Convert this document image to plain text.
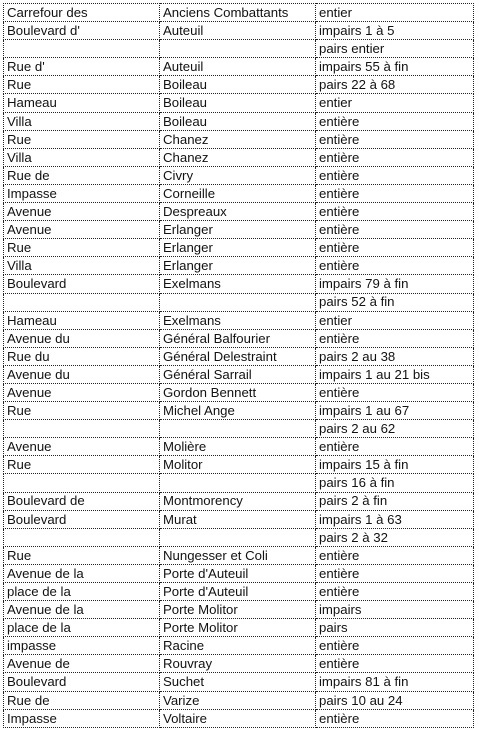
Carrefour des	Anciens Combattants	entier
Boulevard d'	Auteuil	impairs 1 à 5
		pairs entier
Rue d'	Auteuil	impairs 55 à fin
Rue	Boileau	pairs 22 à 68
Hameau	Boileau	entier
Villa	Boileau	entière
Rue	Chanez	entière
Villa	Chanez	entière
Rue de	Civry	entière
Impasse	Corneille	entière
Avenue	Despreaux	entière
Avenue	Erlanger	entière
Rue	Erlanger	entière
Villa	Erlanger	entière
Boulevard	Exelmans	impairs 79 à fin
		pairs 52 à fin
Hameau	Exelmans	entier
Avenue du	Général Balfourier	entière
Rue du	Général Delestraint	pairs 2 au 38
Avenue du	Général Sarrail	impairs 1 au 21 bis
Avenue	Gordon Bennett	entière
Rue	Michel Ange	impairs 1 au 67
		pairs 2 au 62
Avenue	Molière	entière
Rue	Molitor	impairs 15 à fin
		pairs 16 à fin
Boulevard de	Montmorency	pairs 2 à fin
Boulevard	Murat	impairs 1 à 63
		pairs 2 à 32
Rue	Nungesser et Coli	entière
Avenue de la	Porte d'Auteuil	entière
place de la	Porte d'Auteuil	entière
Avenue de la	Porte Molitor	impairs
place de la	Porte Molitor	pairs
impasse	Racine	entière
Avenue de	Rouvray	entière
Boulevard	Suchet	impairs 81 à fin
Rue de	Varize	pairs 10 au 24
Impasse	Voltaire	entière
